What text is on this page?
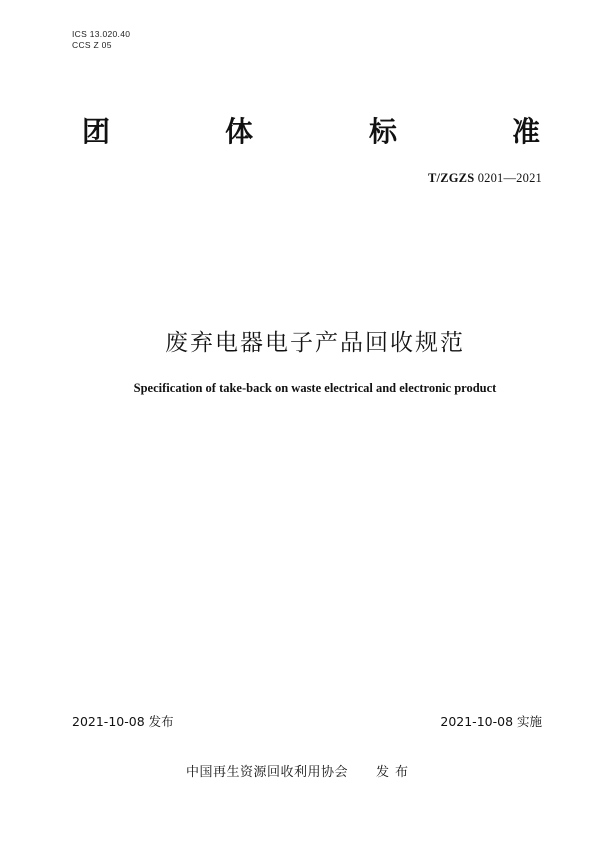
ICS 13.020.40
CCS Z 05
团	体	标	准
T/ZGZS 0201—2021
废弃电器电子产品回收规范
Specification of take-back on waste electrical and electronic product
2021-10-08 发布	2021-10-08 实施
中国再生资源回收利用协会 发布
